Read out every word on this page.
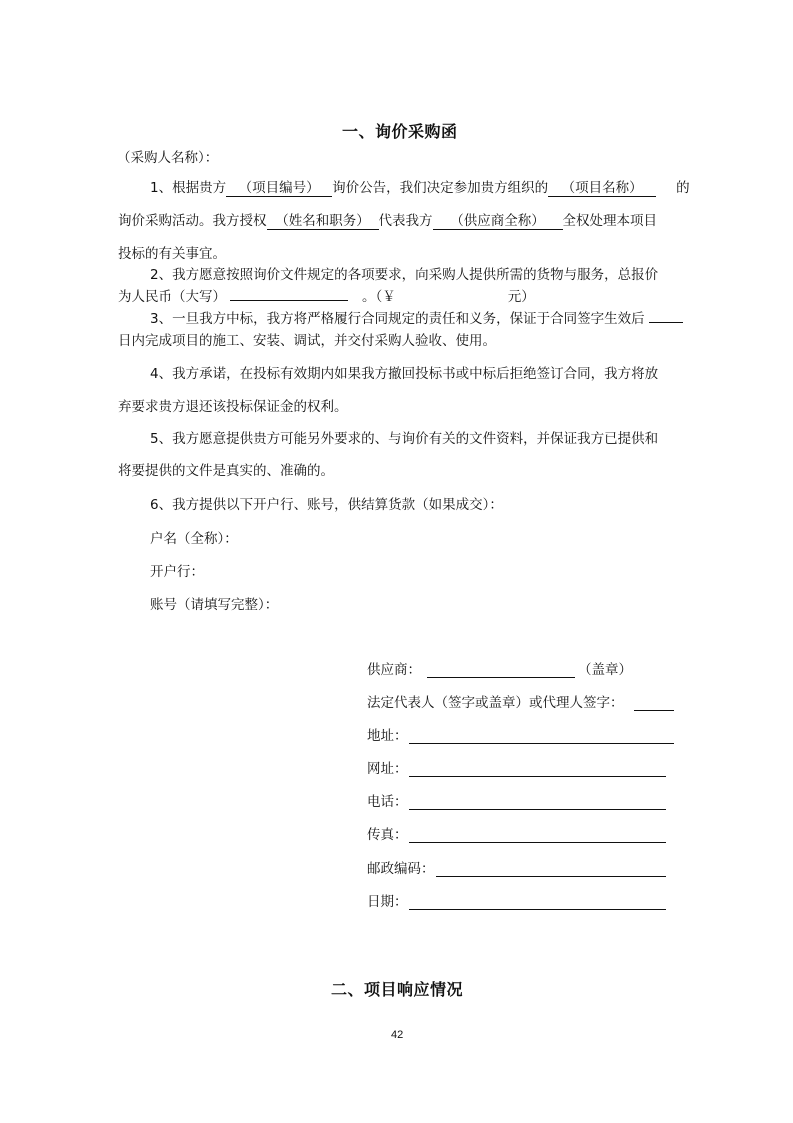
一、询价采购函
（采购人名称）：
1、根据贵方 （项目编号） 询价公告，我们决定参加贵方组织的 （项目名称） 的
询价采购活动。我方授权 （姓名和职务） 代表我方 （供应商全称） 全权处理本项目
投标的有关事宜。
2、我方愿意按照询价文件规定的各项要求，向采购人提供所需的货物与服务，总报价
为人民币（大写）	。（￥	元）
3、一旦我方中标，我方将严格履行合同规定的责任和义务，保证于合同签字生效后
日内完成项目的施工、安装、调试，并交付采购人验收、使用。
4、我方承诺，在投标有效期内如果我方撤回投标书或中标后拒绝签订合同，我方将放
弃要求贵方退还该投标保证金的权利。
5、我方愿意提供贵方可能另外要求的、与询价有关的文件资料，并保证我方已提供和
将要提供的文件是真实的、准确的。
6、我方提供以下开户行、账号，供结算货款（如果成交）：
户名（全称）：
开户行：
账号（请填写完整）：
供应商：	（盖章）
法定代表人（签字或盖章）或代理人签字：
地址：
网址：
电话：
传真：
邮政编码：
日期：
二、项目响应情况
42
